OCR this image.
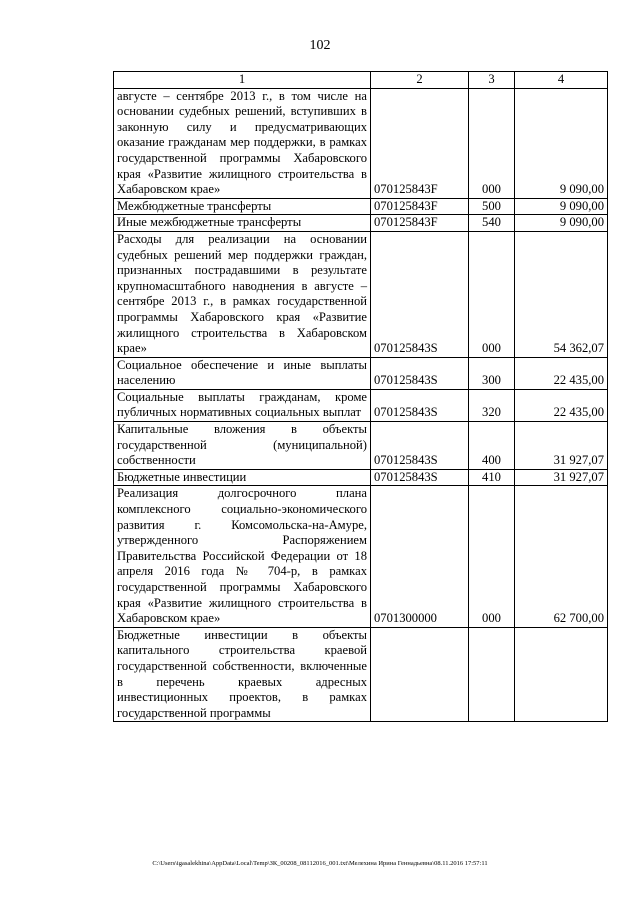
102
1	2	3	4
августе – сентябре 2013 г., в том числе на основании судебных решений, вступивших в законную силу и предусматривающих оказание гражданам мер поддержки, в рамках государственной программы Хабаровского края «Развитие жилищного строительства в Хабаровском крае»	070125843F	000	9 090,00
Межбюджетные трансферты	070125843F	500	9 090,00
Иные межбюджетные трансферты	070125843F	540	9 090,00
Расходы для реализации на основании судебных решений мер поддержки граждан, признанных пострадавшими в результате крупномасштабного наводнения в августе – сентябре 2013 г., в рамках государственной программы Хабаровского края «Развитие жилищного строительства в Хабаровском крае»	070125843S	000	54 362,07
Социальное обеспечение и иные выплаты населению	070125843S	300	22 435,00
Социальные выплаты гражданам, кроме публичных нормативных социальных выплат	070125843S	320	22 435,00
Капитальные вложения в объекты государственной (муниципальной) собственности	070125843S	400	31 927,07
Бюджетные инвестиции	070125843S	410	31 927,07
Реализация долгосрочного плана комплексного социально-экономического развития г. Комсомольска-на-Амуре, утвержденного Распоряжением Правительства Российской Федерации от 18 апреля 2016 года № 704-р, в рамках государственной программы Хабаровского края «Развитие жилищного строительства в Хабаровском крае»	0701300000	000	62 700,00
Бюджетные инвестиции в объекты капитального строительства краевой государственной собственности, включенные в перечень краевых адресных инвестиционных проектов, в рамках государственной программы			
C:\Users\igasalekhina\AppData\Local\Temp\ЗК_00208_08112016_001.txt\Мелехина Ирина Геннадьевна\08.11.2016 17:57:11
